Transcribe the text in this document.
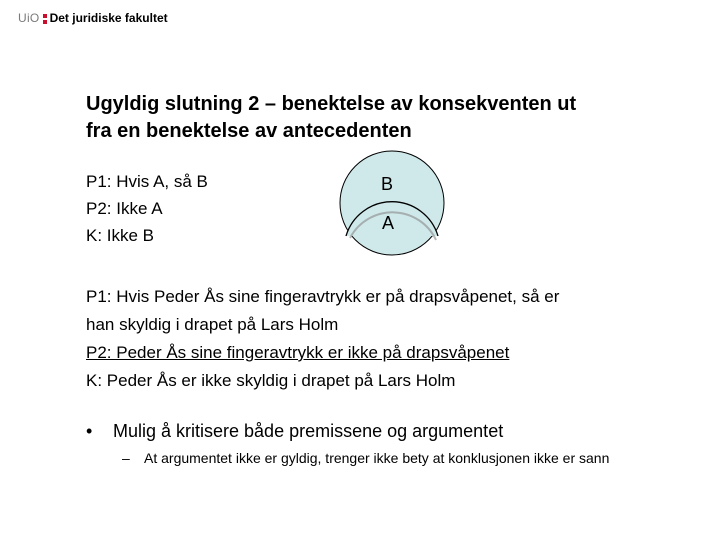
UiO Det juridiske fakultet
Ugyldig slutning 2 – benektelse av konsekventen ut
fra en benektelse av antecedenten
P1: Hvis A, så B
P2: Ikke A
K: Ikke B
B
A
P1: Hvis Peder Ås sine fingeravtrykk er på drapsvåpenet, så er
han skyldig i drapet på Lars Holm
P2: Peder Ås sine fingeravtrykk er ikke på drapsvåpenet
K: Peder Ås er ikke skyldig i drapet på Lars Holm
• Mulig å kritisere både premissene og argumentet
– At argumentet ikke er gyldig, trenger ikke bety at konklusjonen ikke er sann
